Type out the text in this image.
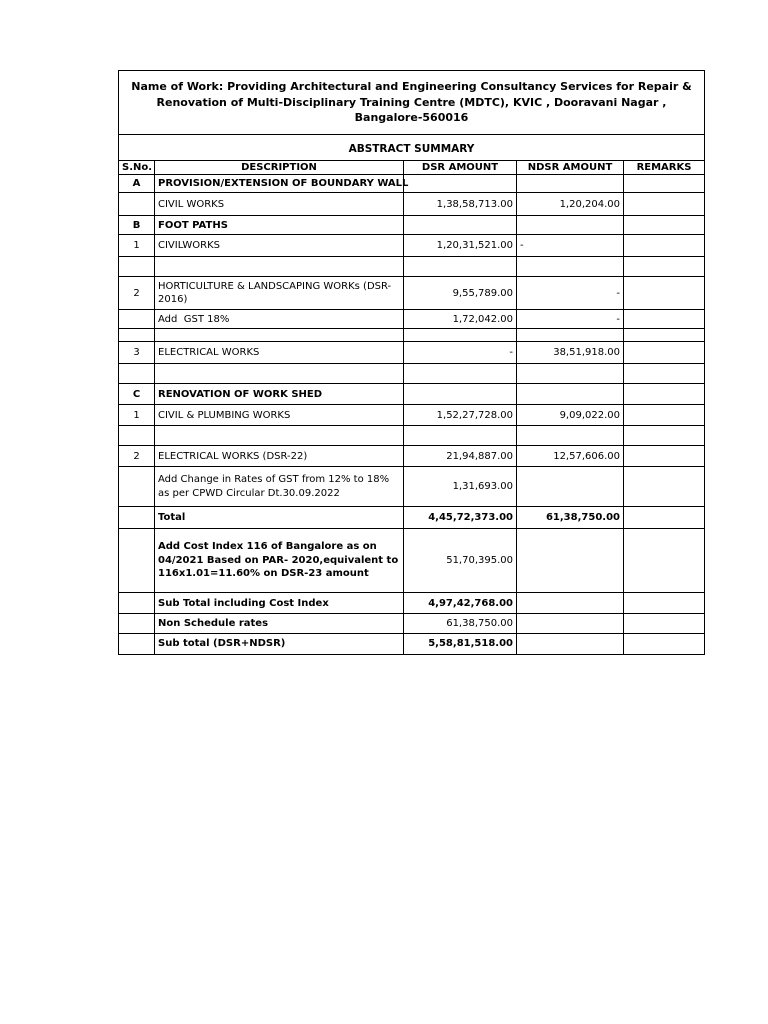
Name of Work: Providing Architectural and Engineering Consultancy Services for Repair & Renovation of Multi-Disciplinary Training Centre (MDTC), KVIC , Dooravani Nagar , Bangalore-560016
ABSTRACT SUMMARY
S.No.	DESCRIPTION	DSR AMOUNT	NDSR AMOUNT	REMARKS
A	PROVISION/EXTENSION OF BOUNDARY WALL			
	CIVIL WORKS	1,38,58,713.00	1,20,204.00	
B	FOOT PATHS			
1	CIVILWORKS	1,20,31,521.00	-	

2	HORTICULTURE & LANDSCAPING WORKs (DSR-2016)	9,55,789.00	-	
	Add  GST 18%	1,72,042.00	-	

3	ELECTRICAL WORKS	-	38,51,918.00	

C	RENOVATION OF WORK SHED			
1	CIVIL & PLUMBING WORKS	1,52,27,728.00	9,09,022.00	

2	ELECTRICAL WORKS (DSR-22)	21,94,887.00	12,57,606.00	
	Add Change in Rates of GST from 12% to 18% as per CPWD Circular Dt.30.09.2022	1,31,693.00		
	Total	4,45,72,373.00	61,38,750.00	
	Add Cost Index 116 of Bangalore as on 04/2021 Based on PAR- 2020,equivalent to 116x1.01=11.60% on DSR-23 amount	51,70,395.00		
	Sub Total including Cost Index	4,97,42,768.00		
	Non Schedule rates	61,38,750.00		
	Sub total (DSR+NDSR)	5,58,81,518.00		
